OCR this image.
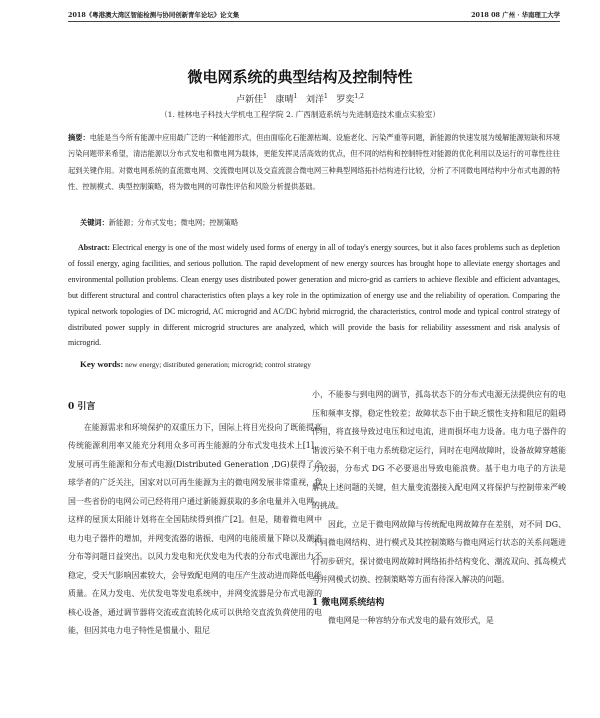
2018《粤港澳大湾区智能检测与协同创新青年论坛》论文集	2018 08 广州 · 华南理工大学
微电网系统的典型结构及控制特性
卢新佳$^1$ 康晴$^1$ 刘洋$^1$ 罗奕$^{1,2}$
（1. 桂林电子科技大学机电工程学院 2. 广西制造系统与先进制造技术重点实验室）
摘要：电能是当今所有能源中应用最广泛的一种能源形式，但由面临化石能源枯竭、设施老化、污染严重等问题，新能源的快速发展为缓解能源短缺和环境污染问题带来希望，清洁能源以分布式发电和微电网为载体，更能发挥灵活高效的优点，但不同的结构和控制特性对能源的优化利用以及运行的可靠性往往起到关键作用。对微电网系统的直流微电网、交流微电网以及交直流混合微电网三种典型网络拓扑结构进行比较，分析了不同微电网结构中分布式电源的特性、控制模式、典型控制策略，将为微电网的可靠性评估和风险分析提供基础。
关键词：新能源；分布式发电；微电网；控制策略
Abstract: Electrical energy is one of the most widely used forms of energy in all of today's energy sources, but it also faces problems such as depletion of fossil energy, aging facilities, and serious pollution. The rapid development of new energy sources has brought hope to alleviate energy shortages and environmental pollution problems. Clean energy uses distributed power generation and micro-grid as carriers to achieve flexible and efficient advantages, but different structural and control characteristics often plays a key role in the optimization of energy use and the reliability of operation. Comparing the typical network topologies of DC microgrid, AC microgrid and AC/DC hybrid microgrid, the characteristics, control mode and typical control strategy of distributed power supply in different microgrid structures are analyzed, which will provide the basis for reliability assessment and risk analysis of microgrid.
Key words: new energy; distributed generation; microgrid; control strategy
0 引言

在能源需求和环境保护的双重压力下，国际上将目光投向了既能提高传统能源利用率又能充分利用众多可再生能源的分布式发电技术上[1]，发展可再生能源和分布式电源(Distributed Generation ,DG)获得了全球学者的广泛关注，国家对以可再生能源为主的微电网发展非常重视，我国一些省份的电网公司已经将用户通过新能源获取的多余电量并入电网，这样的屋顶太阳能计划将在全国陆续得到推广[2]。但是，随着微电网中电力电子器件的增加，并网变流器的谐振、电网的电能质量下降以及潮流分布等问题日益突出。以风力发电和光伏发电为代表的分布式电源出力不稳定，受天气影响因素较大，会导致配电网的电压产生波动进而降低电能质量。在风力发电、光伏发电等发电系统中，并网变流器是分布式电源的核心设备，通过调节器将交流或直流转化成可以供给交直流负荷使用的电能，但因其电力电子特性是惯量小、阻尼

小，不能参与到电网的调节，孤岛状态下的分布式电源无法提供应有的电压和频率支撑，稳定性较差；故障状态下由于缺乏惯性支持和阻尼的阻碍作用，将直接导致过电压和过电流，进而损坏电力设备。电力电子器件的谐波污染不利于电力系统稳定运行，同时在电网故障时，设备故障穿越能力较弱，分布式 DG 不必要退出导致电能浪费。基于电力电子的方法是解决上述问题的关键，但大量变流器接入配电网又将保护与控制带来严峻的挑战。

因此，立足于微电网故障与传统配电网故障存在差别，对不同 DG、不同微电网结构、进行模式及其控制策略与微电网运行状态的关系问题进行初步研究，探讨微电网故障时网络拓扑结构变化、潮流双向、孤岛模式与并网模式切换、控制策略等方面有待深入解决的问题。

1 微电网系统结构

微电网是一种容纳分布式发电的最有效形式，是
